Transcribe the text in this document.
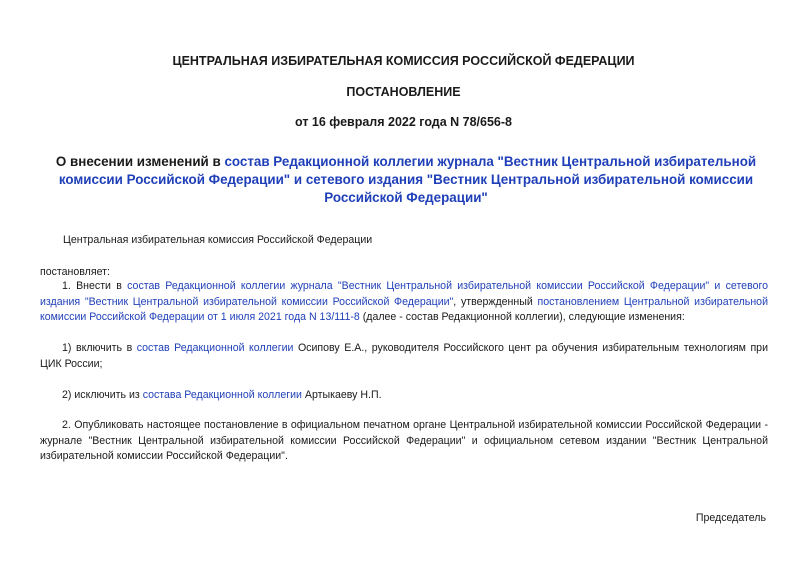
ЦЕНТРАЛЬНАЯ ИЗБИРАТЕЛЬНАЯ КОМИССИЯ РОССИЙСКОЙ ФЕДЕРАЦИИ
ПОСТАНОВЛЕНИЕ
от 16 февраля 2022 года N 78/656-8
О внесении изменений в состав Редакционной коллегии журнала "Вестник Центральной избирательной комиссии Российской Федерации" и сетевого издания "Вестник Центральной избирательной комиссии Российской Федерации"
Центральная избирательная комиссия Российской Федерации
постановляет:
1. Внести в состав Редакционной коллегии журнала "Вестник Центральной избирательной комиссии Российской Федерации" и сетевого издания "Вестник Центральной избирательной комиссии Российской Федерации", утвержденный постановлением Центральной избирательной комиссии Российской Федерации от 1 июля 2021 года N 13/111-8 (далее - состав Редакционной коллегии), следующие изменения:
1) включить в состав Редакционной коллегии Осипову Е.А., руководителя Российского цент ра обучения избирательным технологиям при ЦИК России;
2) исключить из состава Редакционной коллегии Артыкаеву Н.П.
2. Опубликовать настоящее постановление в официальном печатном органе Центральной избирательной комиссии Российской Федерации - журнале "Вестник Центральной избирательной комиссии Российской Федерации" и официальном сетевом издании "Вестник Центральной избирательной комиссии Российской Федерации".
Председатель
